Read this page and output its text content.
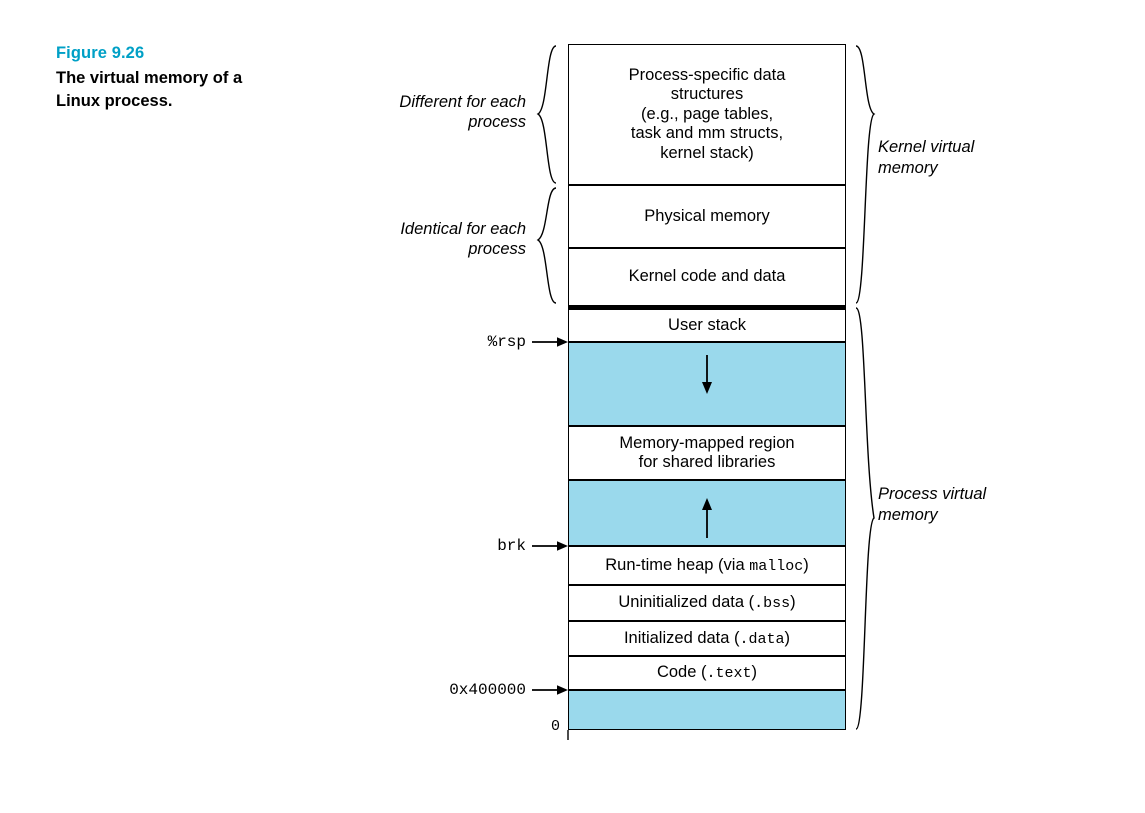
Figure 9.26
The virtual memory of a Linux process.
Process-specific data
structures
(e.g., page tables,
task and mm structs,
kernel stack)
Physical memory
Kernel code and data
User stack
Memory-mapped region
for shared libraries
Run-time heap (via malloc)
Uninitialized data (.bss)
Initialized data (.data)
Code (.text)
Different for each process
Identical for each process
Kernel virtual memory
Process virtual memory
%rsp
brk
0x400000
0
